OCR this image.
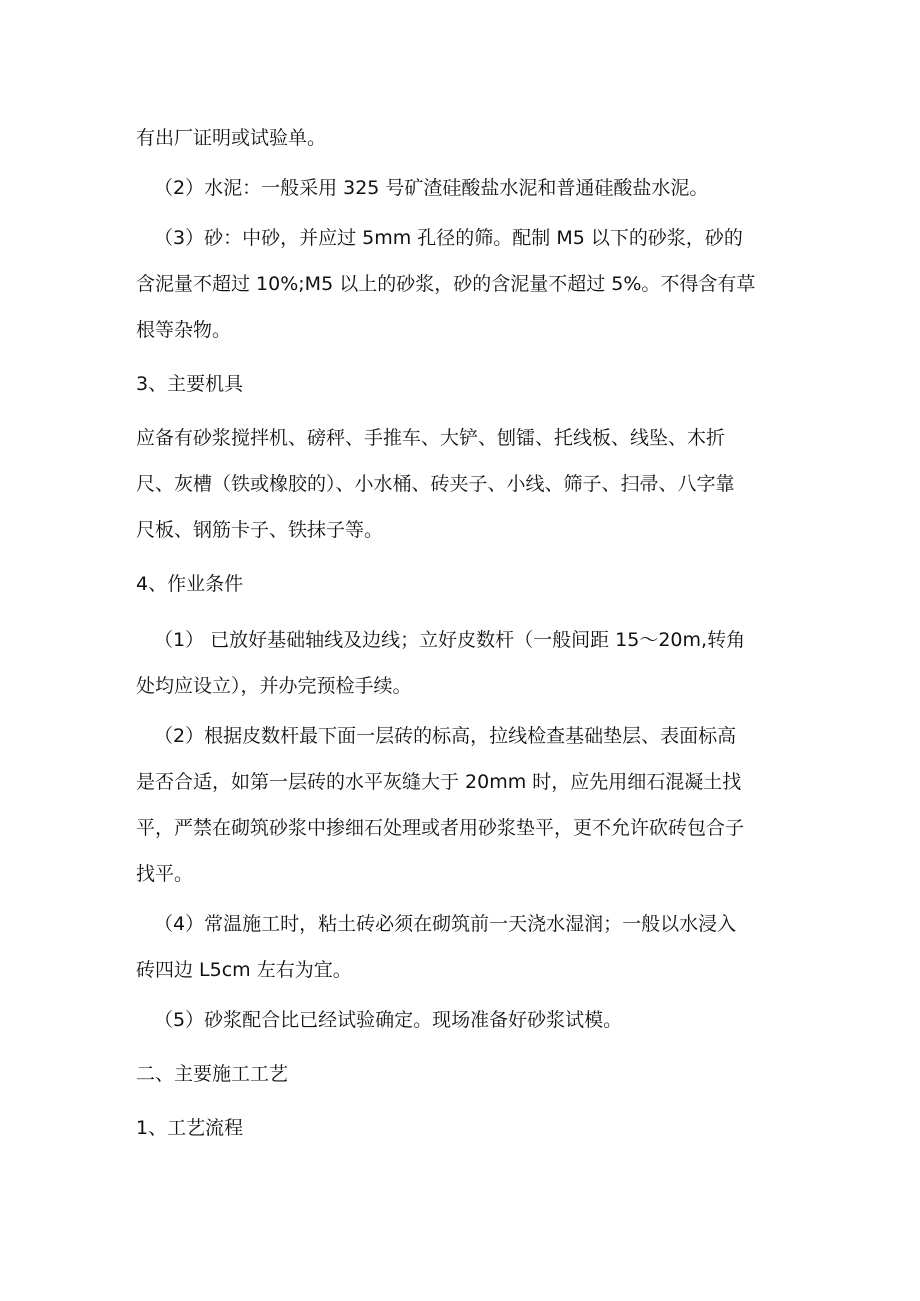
有出厂证明或试验单。
（2）水泥：一般采用 325 号矿渣硅酸盐水泥和普通硅酸盐水泥。
（3）砂：中砂，并应过 5mm 孔径的筛。配制 M5 以下的砂浆，砂的
含泥量不超过 10%;M5 以上的砂浆，砂的含泥量不超过 5%。不得含有草
根等杂物。
3、主要机具
应备有砂浆搅拌机、磅秤、手推车、大铲、刨镭、托线板、线坠、木折
尺、灰槽（铁或橡胶的）、小水桶、砖夹子、小线、筛子、扫帚、八字靠
尺板、钢筋卡子、铁抹子等。
4、作业条件
（1） 已放好基础轴线及边线；立好皮数杆（一般间距 15～20m,转角
处均应设立），并办完预检手续。
（2）根据皮数杆最下面一层砖的标高，拉线检查基础垫层、表面标高
是否合适，如第一层砖的水平灰缝大于 20mm 时，应先用细石混凝土找
平，严禁在砌筑砂浆中掺细石处理或者用砂浆垫平，更不允许砍砖包合子
找平。
（4）常温施工时，粘土砖必须在砌筑前一天浇水湿润；一般以水浸入
砖四边 L5cm 左右为宜。
（5）砂浆配合比已经试验确定。现场准备好砂浆试模。
二、主要施工工艺
1、工艺流程
